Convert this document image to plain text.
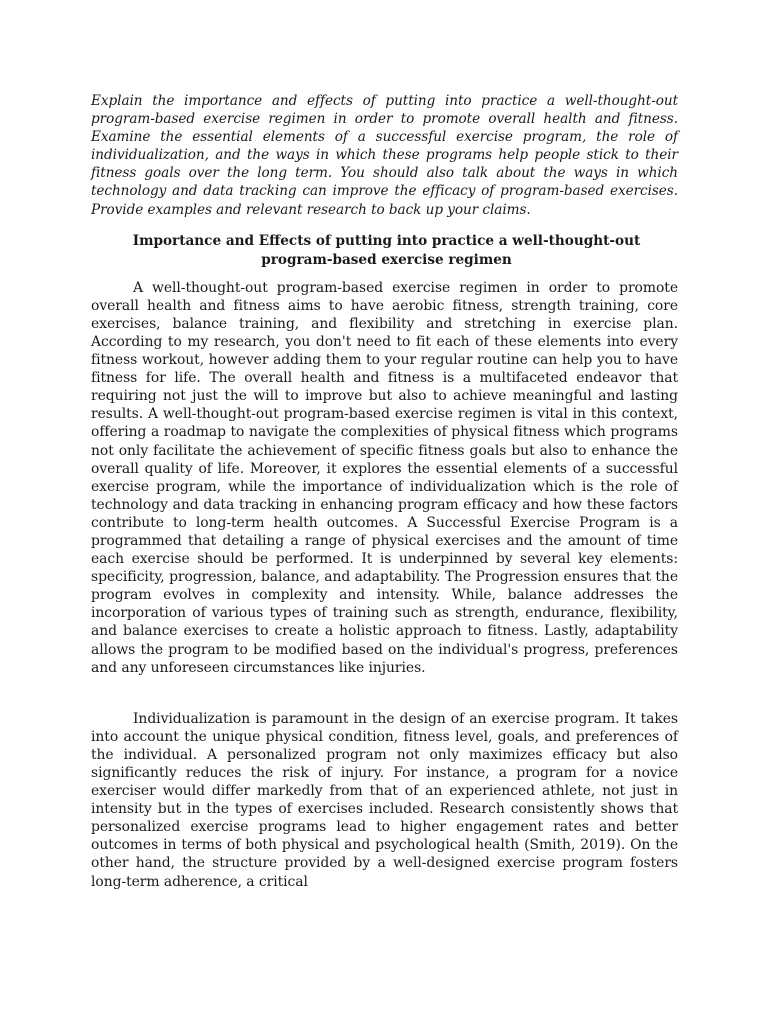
Explain the importance and effects of putting into practice a well-thought-out program-based exercise regimen in order to promote overall health and fitness. Examine the essential elements of a successful exercise program, the role of individualization, and the ways in which these programs help people stick to their fitness goals over the long term. You should also talk about the ways in which technology and data tracking can improve the efficacy of program-based exercises. Provide examples and relevant research to back up your claims.

Importance and Effects of putting into practice a well-thought-out
program-based exercise regimen

A well-thought-out program-based exercise regimen in order to promote overall health and fitness aims to have aerobic fitness, strength training, core exercises, balance training, and flexibility and stretching in exercise plan. According to my research, you don't need to fit each of these elements into every fitness workout, however adding them to your regular routine can help you to have fitness for life. The overall health and fitness is a multifaceted endeavor that requiring not just the will to improve but also to achieve meaningful and lasting results. A well-thought-out program-based exercise regimen is vital in this context, offering a roadmap to navigate the complexities of physical fitness which programs not only facilitate the achievement of specific fitness goals but also to enhance the overall quality of life. Moreover, it explores the essential elements of a successful exercise program, while the importance of individualization which is the role of technology and data tracking in enhancing program efficacy and how these factors contribute to long-term health outcomes. A Successful Exercise Program is a programmed that detailing a range of physical exercises and the amount of time each exercise should be performed. It is underpinned by several key elements: specificity, progression, balance, and adaptability. The Progression ensures that the program evolves in complexity and intensity. While, balance addresses the incorporation of various types of training such as strength, endurance, flexibility, and balance exercises to create a holistic approach to fitness. Lastly, adaptability allows the program to be modified based on the individual's progress, preferences and any unforeseen circumstances like injuries.

Individualization is paramount in the design of an exercise program. It takes into account the unique physical condition, fitness level, goals, and preferences of the individual. A personalized program not only maximizes efficacy but also significantly reduces the risk of injury. For instance, a program for a novice exerciser would differ markedly from that of an experienced athlete, not just in intensity but in the types of exercises included. Research consistently shows that personalized exercise programs lead to higher engagement rates and better outcomes in terms of both physical and psychological health (Smith, 2019). On the other hand, the structure provided by a well-designed exercise program fosters long-term adherence, a critical
